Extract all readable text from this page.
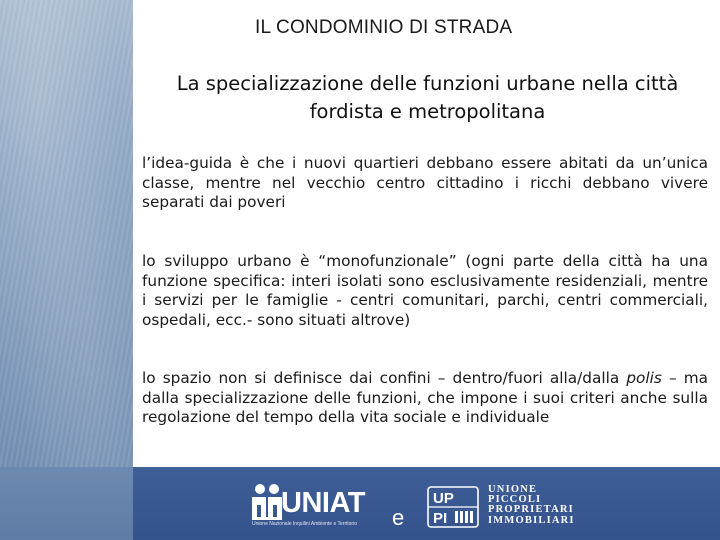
IL CONDOMINIO DI STRADA
La specializzazione delle funzioni urbane nella città
fordista e metropolitana
l’idea-guida è che i nuovi quartieri debbano essere abitati da un’unica classe, mentre nel vecchio centro cittadino i ricchi debbano vivere separati dai poveri
lo sviluppo urbano è “monofunzionale” (ogni parte della città ha una funzione specifica: interi isolati sono esclusivamente residenziali, mentre i servizi per le famiglie - centri comunitari, parchi, centri commerciali, ospedali, ecc.- sono situati altrove)
lo spazio non si definisce dai confini – dentro/fuori alla/dalla polis – ma dalla specializzazione delle funzioni, che impone i suoi criteri anche sulla regolazione del tempo della vita sociale e individuale
UNIAT
Unione Nazionale Inquilini Ambiente e Territorio e
UP
PI
UNIONE
PICCOLI
PROPRIETARI
IMMOBILIARI
